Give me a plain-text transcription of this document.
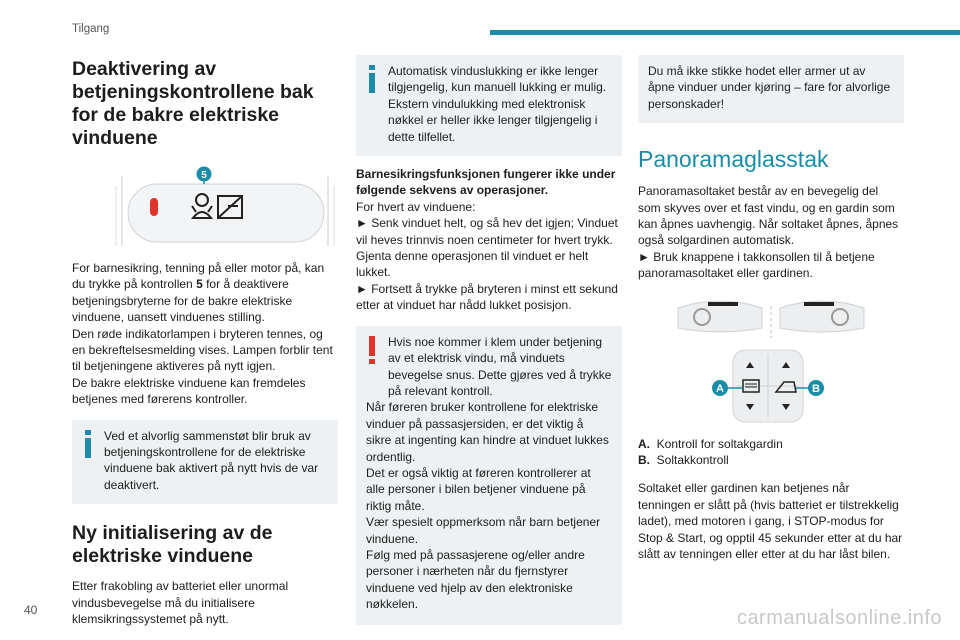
Tilgang
Deaktivering av betjeningskontrollene bak for de bakre elektriske vinduene
5

For barnesikring, tenning på eller motor på, kan du trykke på kontrollen 5 for å deaktivere betjeningsbryterne for de bakre elektriske vinduene, uansett vinduenes stilling.

Den røde indikatorlampen i bryteren tennes, og en bekreftelsesmelding vises. Lampen forblir tent til betjeningene aktiveres på nytt igjen.

De bakre elektriske vinduene kan fremdeles betjenes med førerens kontroller.

Ved et alvorlig sammenstøt blir bruk av betjeningskontrollene for de elektriske vinduene bak aktivert på nytt hvis de var deaktivert.

Ny initialisering av de elektriske vinduene

Etter frakobling av batteriet eller unormal vindusbevegelse må du initialisere klemsikringssystemet på nytt.

Automatisk vinduslukking er ikke lenger tilgjengelig, kun manuell lukking er mulig. Ekstern vindulukking med elektronisk nøkkel er heller ikke lenger tilgjengelig i dette tilfellet.

Barnesikringsfunksjonen fungerer ikke under følgende sekvens av operasjoner.

For hvert av vinduene:

► Senk vinduet helt, og så hev det igjen; Vinduet vil heves trinnvis noen centimeter for hvert trykk. Gjenta denne operasjonen til vinduet er helt lukket.

► Fortsett å trykke på bryteren i minst ett sekund etter at vinduet har nådd lukket posisjon.

Hvis noe kommer i klem under betjening av et elektrisk vindu, må vinduets bevegelse snus. Dette gjøres ved å trykke på relevant kontroll.

Når føreren bruker kontrollene for elektriske vinduer på passasjersiden, er det viktig å sikre at ingenting kan hindre at vinduet lukkes ordentlig.

Det er også viktig at føreren kontrollerer at alle personer i bilen betjener vinduene på riktig måte.

Vær spesielt oppmerksom når barn betjener vinduene.

Følg med på passasjerene og/eller andre personer i nærheten når du fjernstyrer vinduene ved hjelp av den elektroniske nøkkelen.

Du må ikke stikke hodet eller armer ut av åpne vinduer under kjøring – fare for alvorlige personskader!

Panoramaglasstak

Panoramasoltaket består av en bevegelig del som skyves over et fast vindu, og en gardin som kan åpnes uavhengig. Når soltaket åpnes, åpnes også solgardinen automatisk.

► Bruk knappene i takkonsollen til å betjene panoramasoltaket eller gardinen.

A	B

A. Kontroll for soltakgardin

B. Soltakkontroll

Soltaket eller gardinen kan betjenes når tenningen er slått på (hvis batteriet er tilstrekkelig ladet), med motoren i gang, i STOP-modus for Stop & Start, og opptil 45 sekunder etter at du har slått av tenningen eller etter at du har låst bilen.

40	carmanualsonline.info
